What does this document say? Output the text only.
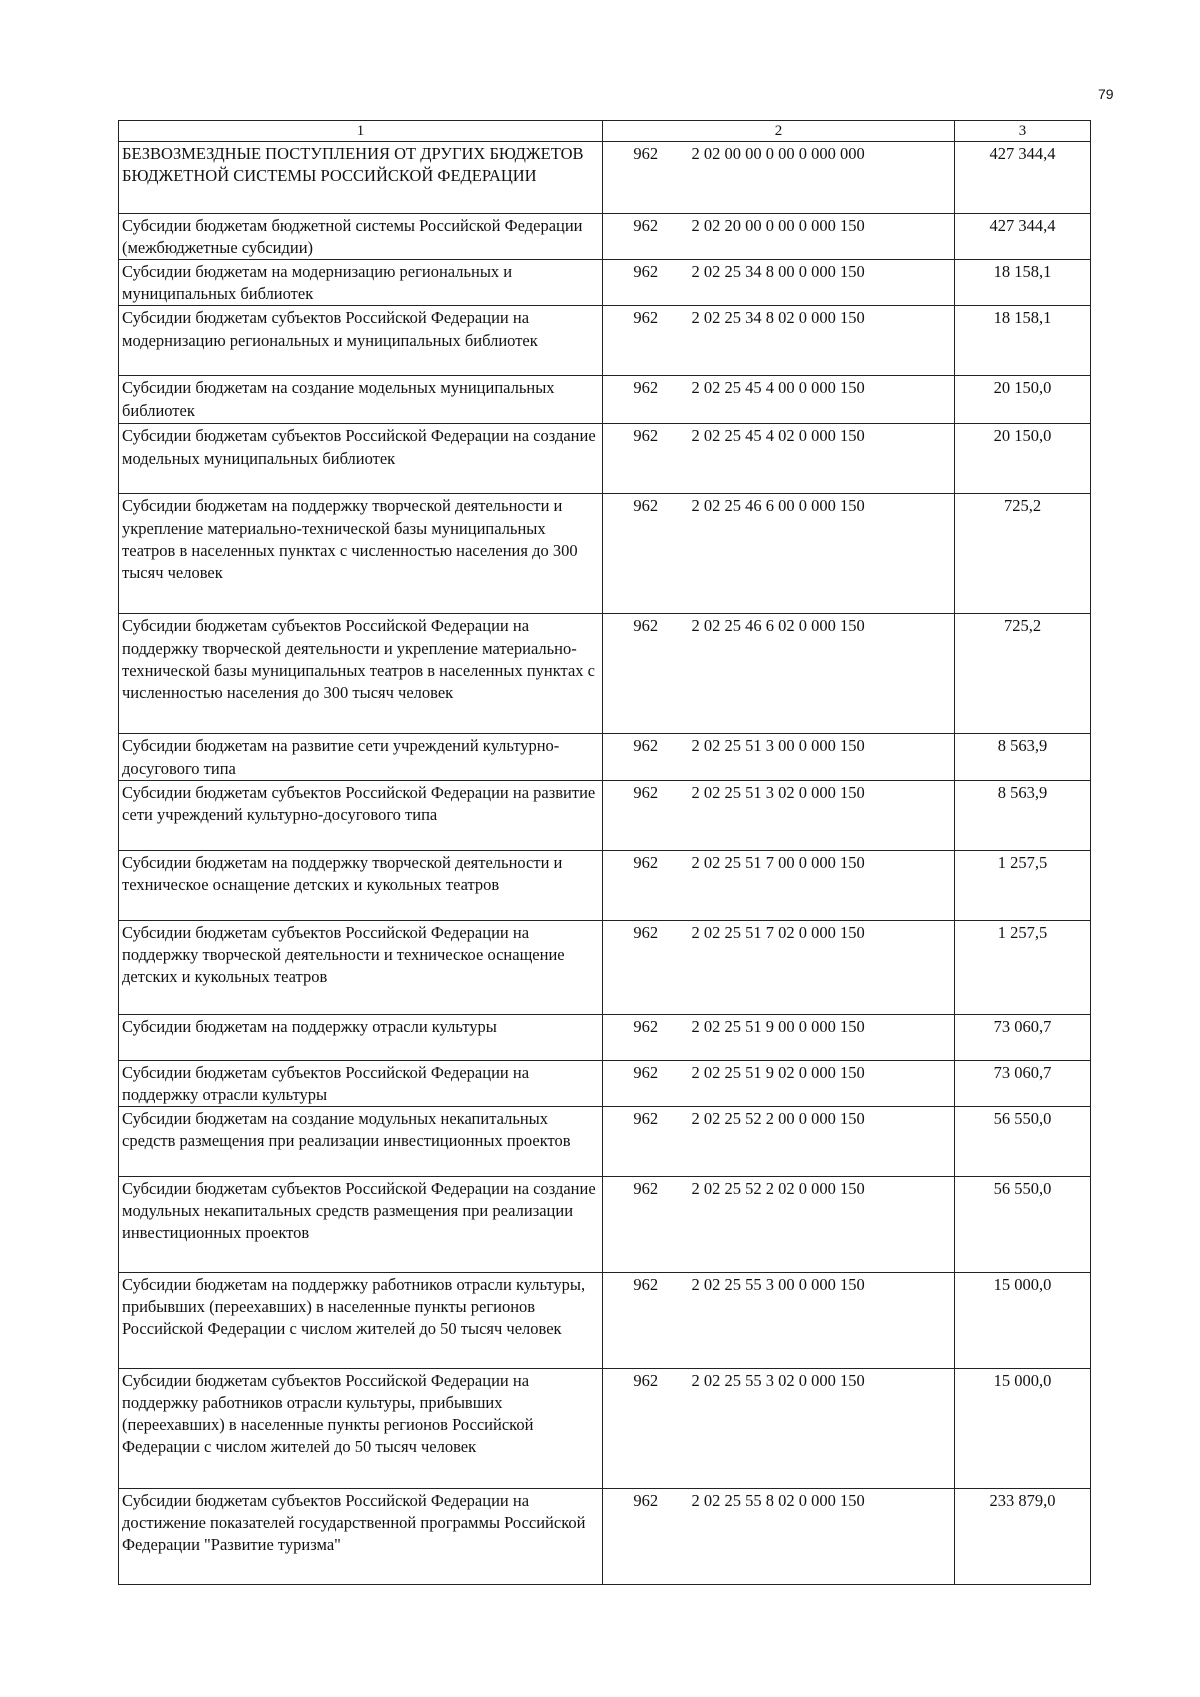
79
1	2		3
БЕЗВОЗМЕЗДНЫЕ ПОСТУПЛЕНИЯ ОТ ДРУГИХ БЮДЖЕТОВ БЮДЖЕТНОЙ СИСТЕМЫ РОССИЙСКОЙ ФЕДЕРАЦИИ	962	2 02 00 00 0 00 0 000 000	427 344,4
Субсидии бюджетам бюджетной системы Российской Федерации (межбюджетные субсидии)	962	2 02 20 00 0 00 0 000 150	427 344,4
Субсидии бюджетам на модернизацию региональных и муниципальных библиотек	962	2 02 25 34 8 00 0 000 150	18 158,1
Субсидии бюджетам субъектов Российской Федерации на модернизацию региональных и муниципальных библиотек	962	2 02 25 34 8 02 0 000 150	18 158,1
Субсидии бюджетам на создание модельных муниципальных библиотек	962	2 02 25 45 4 00 0 000 150	20 150,0
Субсидии бюджетам субъектов Российской Федерации на создание модельных муниципальных библиотек	962	2 02 25 45 4 02 0 000 150	20 150,0
Субсидии бюджетам на поддержку творческой деятельности и укрепление материально-технической базы муниципальных театров в населенных пунктах с численностью населения до 300 тысяч человек	962	2 02 25 46 6 00 0 000 150	725,2
Субсидии бюджетам субъектов Российской Федерации на поддержку творческой деятельности и укрепление материально-технической базы муниципальных театров в населенных пунктах с численностью населения до 300 тысяч человек	962	2 02 25 46 6 02 0 000 150	725,2
Субсидии бюджетам на развитие сети учреждений культурно-досугового типа	962	2 02 25 51 3 00 0 000 150	8 563,9
Субсидии бюджетам субъектов Российской Федерации на развитие сети учреждений культурно-досугового типа	962	2 02 25 51 3 02 0 000 150	8 563,9
Субсидии бюджетам на поддержку творческой деятельности и техническое оснащение детских и кукольных театров	962	2 02 25 51 7 00 0 000 150	1 257,5
Субсидии бюджетам субъектов Российской Федерации на поддержку творческой деятельности и техническое оснащение детских и кукольных театров	962	2 02 25 51 7 02 0 000 150	1 257,5
Субсидии бюджетам на поддержку отрасли культуры	962	2 02 25 51 9 00 0 000 150	73 060,7
Субсидии бюджетам субъектов Российской Федерации на поддержку отрасли культуры	962	2 02 25 51 9 02 0 000 150	73 060,7
Субсидии бюджетам на создание модульных некапитальных средств размещения при реализации инвестиционных проектов	962	2 02 25 52 2 00 0 000 150	56 550,0
Субсидии бюджетам субъектов Российской Федерации на создание модульных некапитальных средств размещения при реализации инвестиционных проектов	962	2 02 25 52 2 02 0 000 150	56 550,0
Субсидии бюджетам на поддержку работников отрасли культуры, прибывших (переехавших) в населенные пункты регионов Российской Федерации с числом жителей до 50 тысяч человек	962	2 02 25 55 3 00 0 000 150	15 000,0
Субсидии бюджетам субъектов Российской Федерации на поддержку работников отрасли культуры, прибывших (переехавших) в населенные пункты регионов Российской Федерации с числом жителей до 50 тысяч человек	962	2 02 25 55 3 02 0 000 150	15 000,0
Субсидии бюджетам субъектов Российской Федерации на достижение показателей государственной программы Российской Федерации "Развитие туризма"	962	2 02 25 55 8 02 0 000 150	233 879,0
